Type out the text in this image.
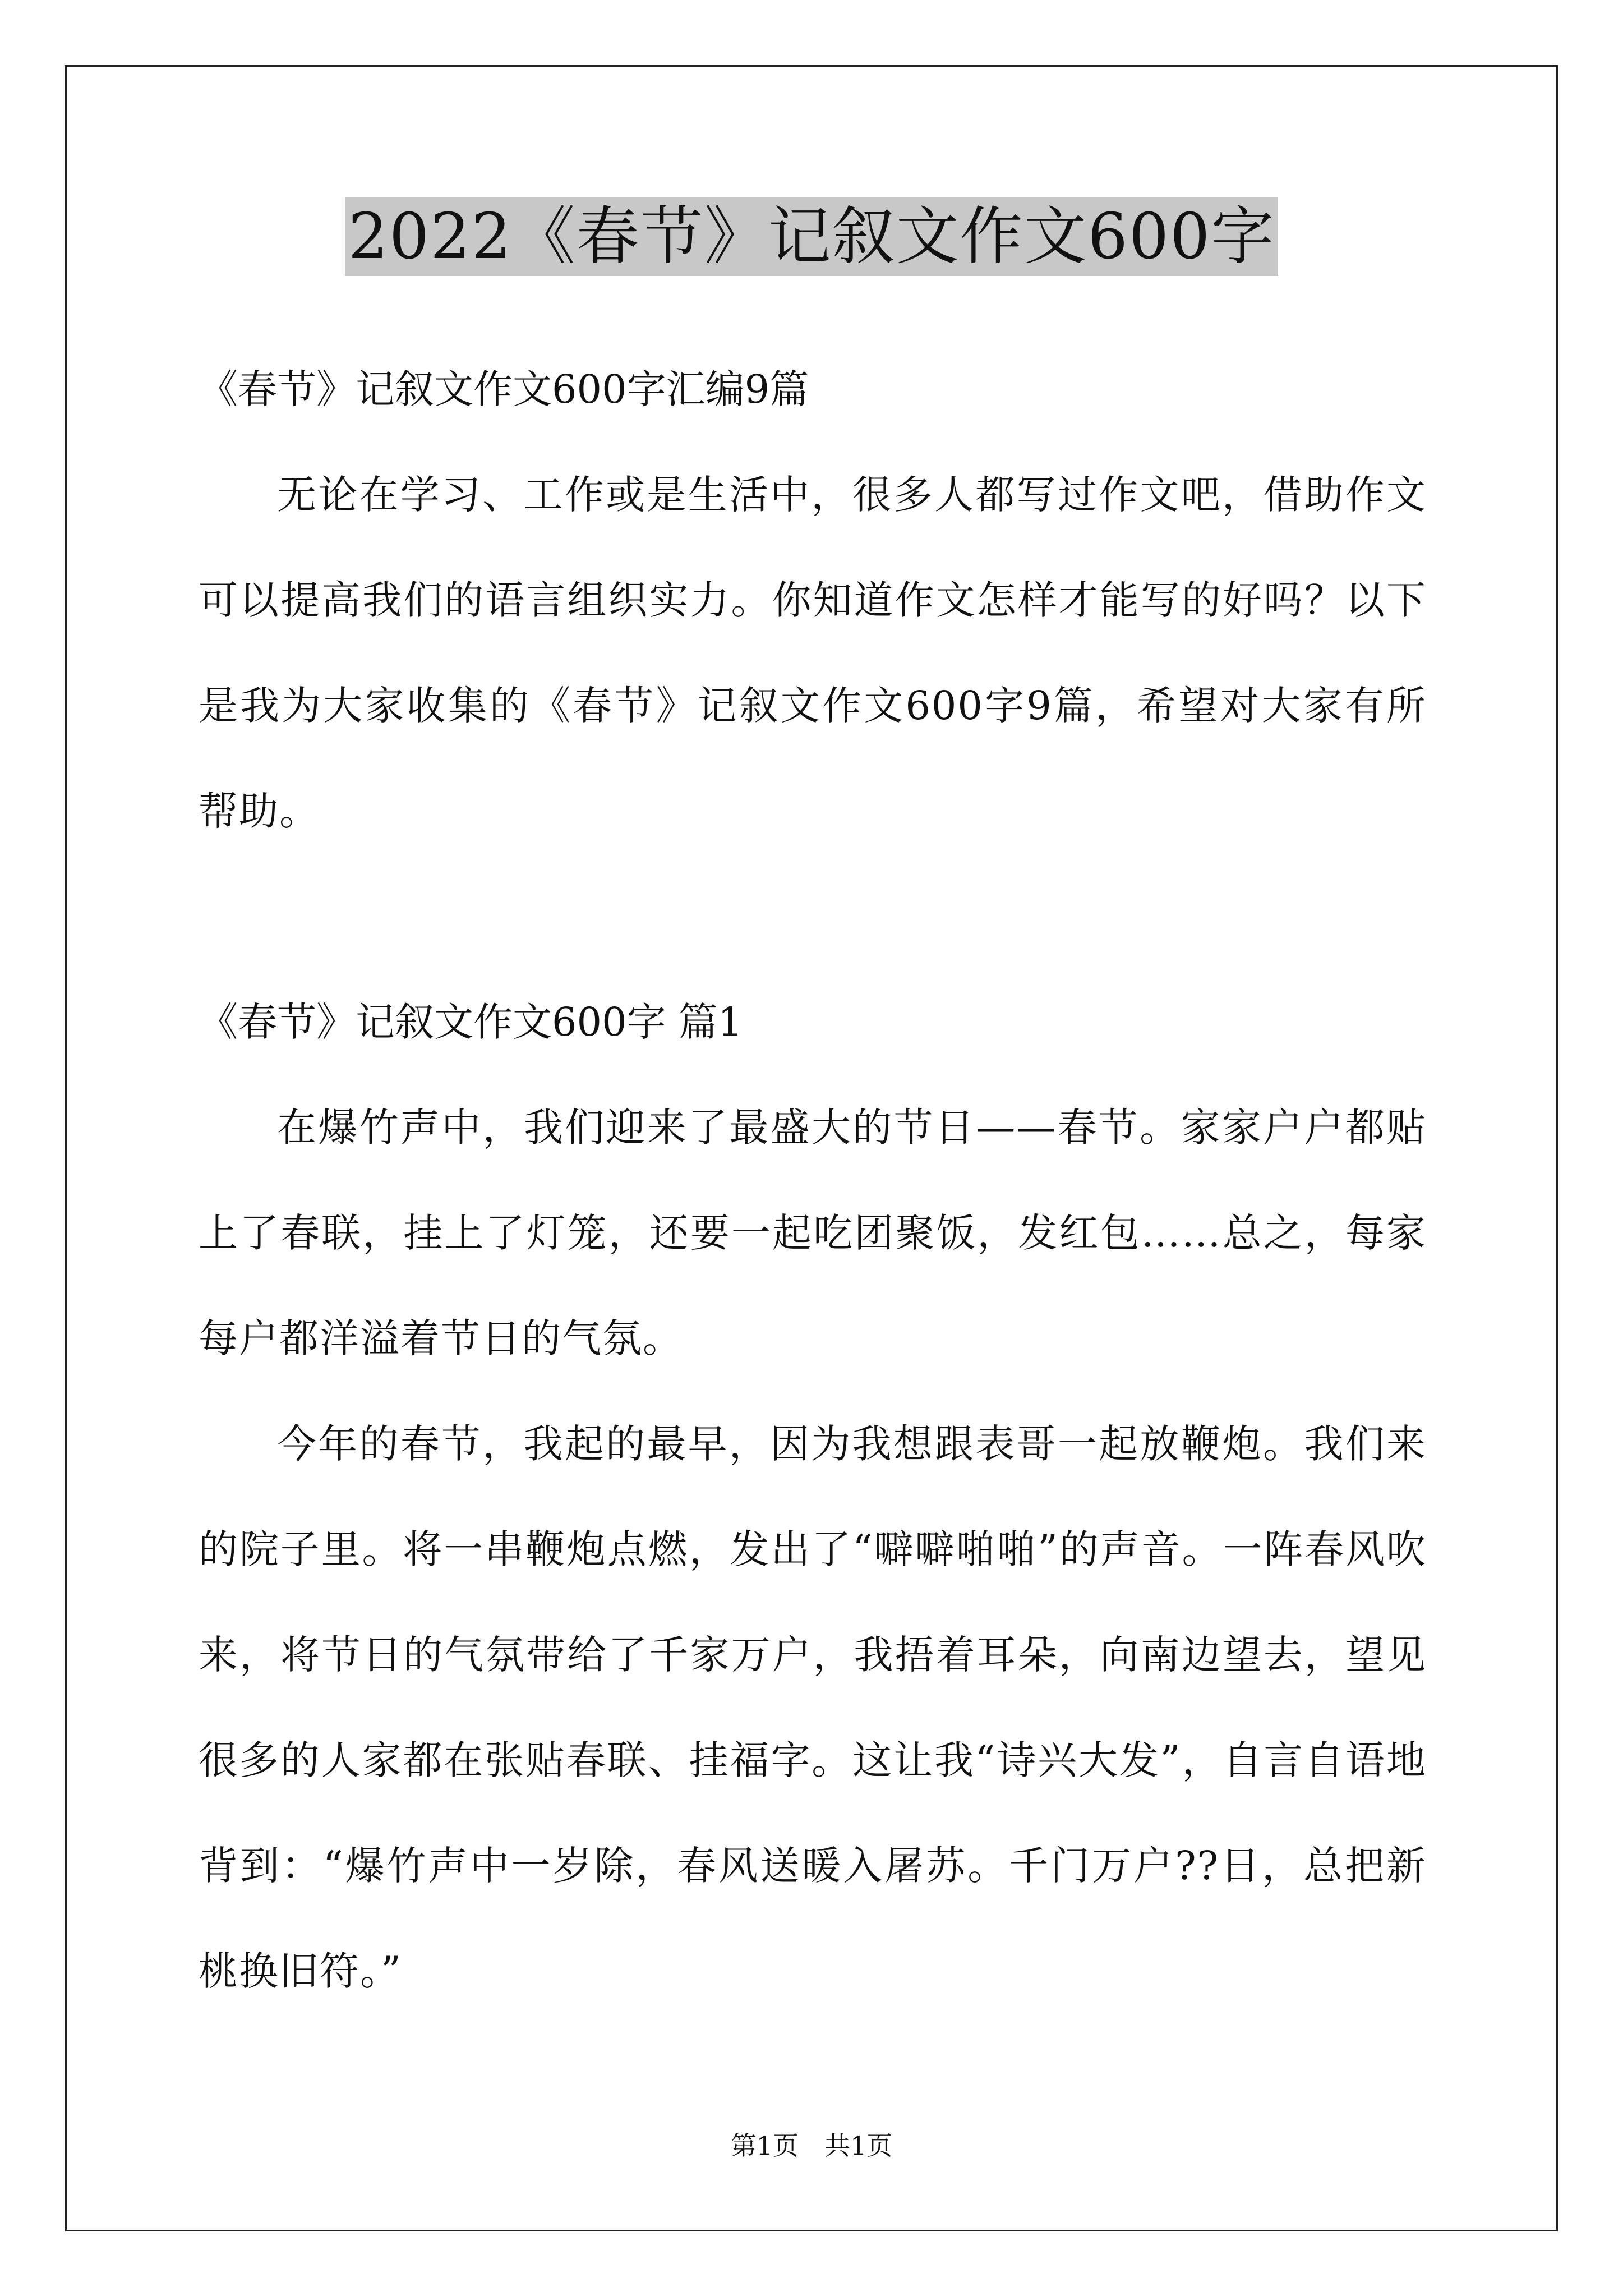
2022《春节》记叙文作文600字

《春节》记叙文作文600字汇编9篇

无论在学习、工作或是生活中，很多人都写过作文吧，借助作文可以提高我们的语言组织实力。你知道作文怎样才能写的好吗？以下是我为大家收集的《春节》记叙文作文600字9篇，希望对大家有所帮助。

《春节》记叙文作文600字 篇1

在爆竹声中，我们迎来了最盛大的节日——春节。家家户户都贴上了春联，挂上了灯笼，还要一起吃团聚饭，发红包……总之，每家每户都洋溢着节日的气氛。

今年的春节，我起的最早，因为我想跟表哥一起放鞭炮。我们来的院子里。将一串鞭炮点燃，发出了“噼噼啪啪”的声音。一阵春风吹来，将节日的气氛带给了千家万户，我捂着耳朵，向南边望去，望见很多的人家都在张贴春联、挂福字。这让我“诗兴大发”，自言自语地背到：“爆竹声中一岁除，春风送暖入屠苏。千门万户??日，总把新桃换旧符。”

第1页　共1页
